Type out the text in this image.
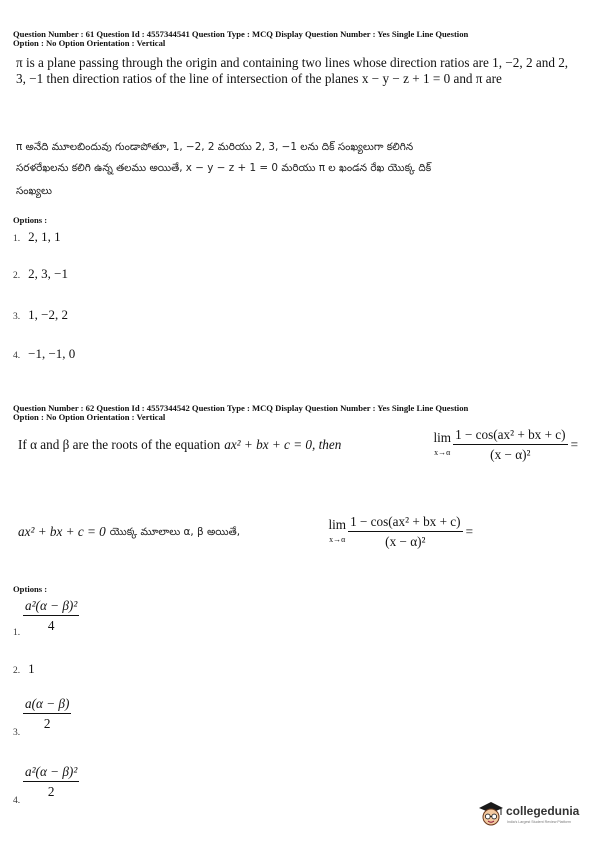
Question Number : 61 Question Id : 4557344541 Question Type : MCQ Display Question Number : Yes Single Line Question
Option : No Option Orientation : Vertical
π is a plane passing through the origin and containing two lines whose direction ratios are 1, −2, 2 and 2, 3, −1 then direction ratios of the line of intersection of the planes x − y − z + 1 = 0 and π are
π అనేది మూలబిందువు గుండాపోతూ, 1, −2, 2 మరియు 2, 3, −1 లను దిక్ సంఖ్యలుగా కలిగిన
సరళరేఖలను కలిగి ఉన్న తలము అయితే, x − y − z + 1 = 0 మరియు π ల ఖండన రేఖ యొక్క దిక్
సంఖ్యలు
Options :
1. 2, 1, 1
2. 2, 3, −1
3. 1, −2, 2
4. −1, −1, 0
Question Number : 62 Question Id : 4557344542 Question Type : MCQ Display Question Number : Yes Single Line Question
Option : No Option Orientation : Vertical
If α and β are the roots of the equation ax² + bx + c = 0, then
lim
$x\to\alpha \frac{\text{1 − cos(ax² + bx + c)}}{\text{(x − α)²}}$ =
ax² + bx + c = 0 యొక్క మూలాలు α, β అయితే,
lim
$x\to\alpha \frac{\text{1 − cos(ax² + bx + c)}}{\text{(x − α)²}}$ =
Options :
1. $\frac{\text{a²(α − β)²}}{4}$
2. 1
3.
$\frac{a(\alpha - \beta)}{2}$
4.
$\frac{\text{a²(α − β)²}}{2}$
collegedunia
India's Largest Student Review Platform
